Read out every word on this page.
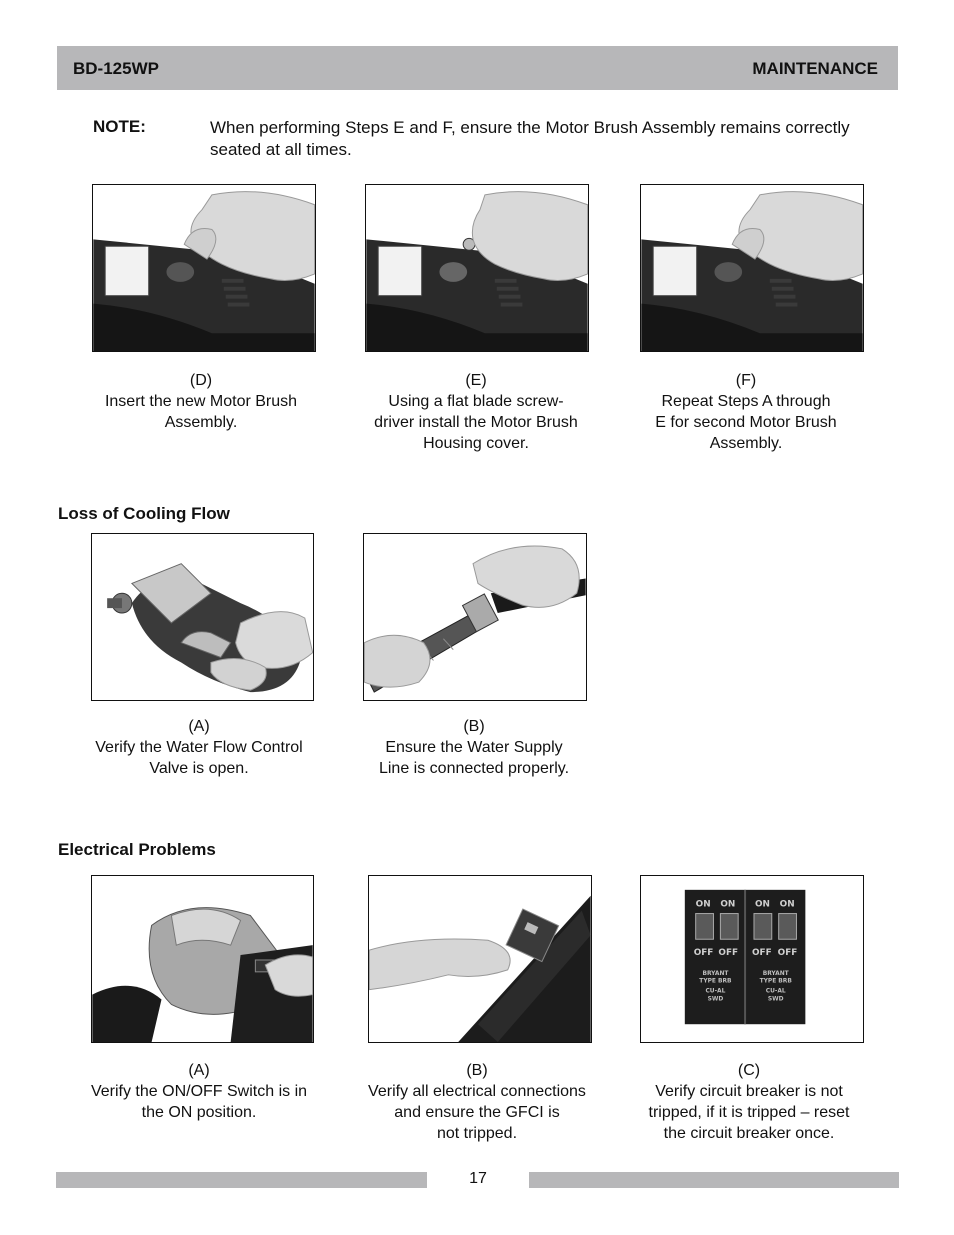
BD-125WP	MAINTENANCE
NOTE:	When performing Steps E and F, ensure the Motor Brush Assembly remains correctly seated at all times.
(D)
Insert the new Motor Brush
Assembly.
(E)
Using a flat blade screw-
driver install the Motor Brush
Housing cover.
(F)
Repeat Steps A through
E for second Motor Brush
Assembly.
Loss of Cooling Flow
(A)
Verify the Water Flow Control
Valve is open.
(B)
Ensure the Water Supply
Line is connected properly.
Electrical Problems
ON ON ON ON
OFF OFF OFF OFF
BRYANT
TYPE BRB
CU-AL
SWD
BRYANT
TYPE BRB
CU-AL
SWD
(A)
Verify the ON/OFF Switch is in
the ON position.
(B)
Verify all electrical connections
and ensure the GFCI is
not tripped.
(C)
Verify circuit breaker is not
tripped, if it is tripped – reset
the circuit breaker once.
17
